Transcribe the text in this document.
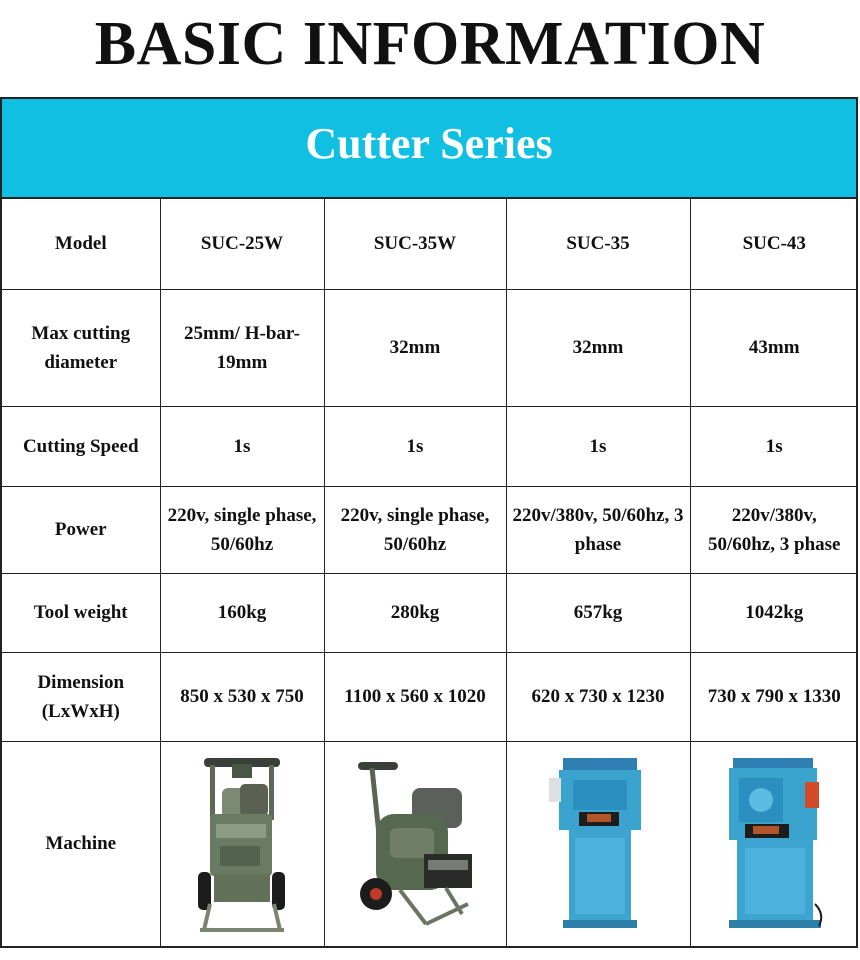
BASIC INFORMATION
Cutter Series
Model	SUC-25W	SUC-35W	SUC-35	SUC-43
Max cutting diameter	25mm/ H-bar-19mm	32mm	32mm	43mm
Cutting Speed	1s	1s	1s	1s
Power	220v, single phase, 50/60hz	220v, single phase, 50/60hz	220v/380v, 50/60hz, 3 phase	220v/380v, 50/60hz, 3 phase
Tool weight	160kg	280kg	657kg	1042kg
Dimension (LxWxH)	850 x 530 x 750	1100 x 560 x 1020	620 x 730 x 1230	730 x 790 x 1330
Machine	
